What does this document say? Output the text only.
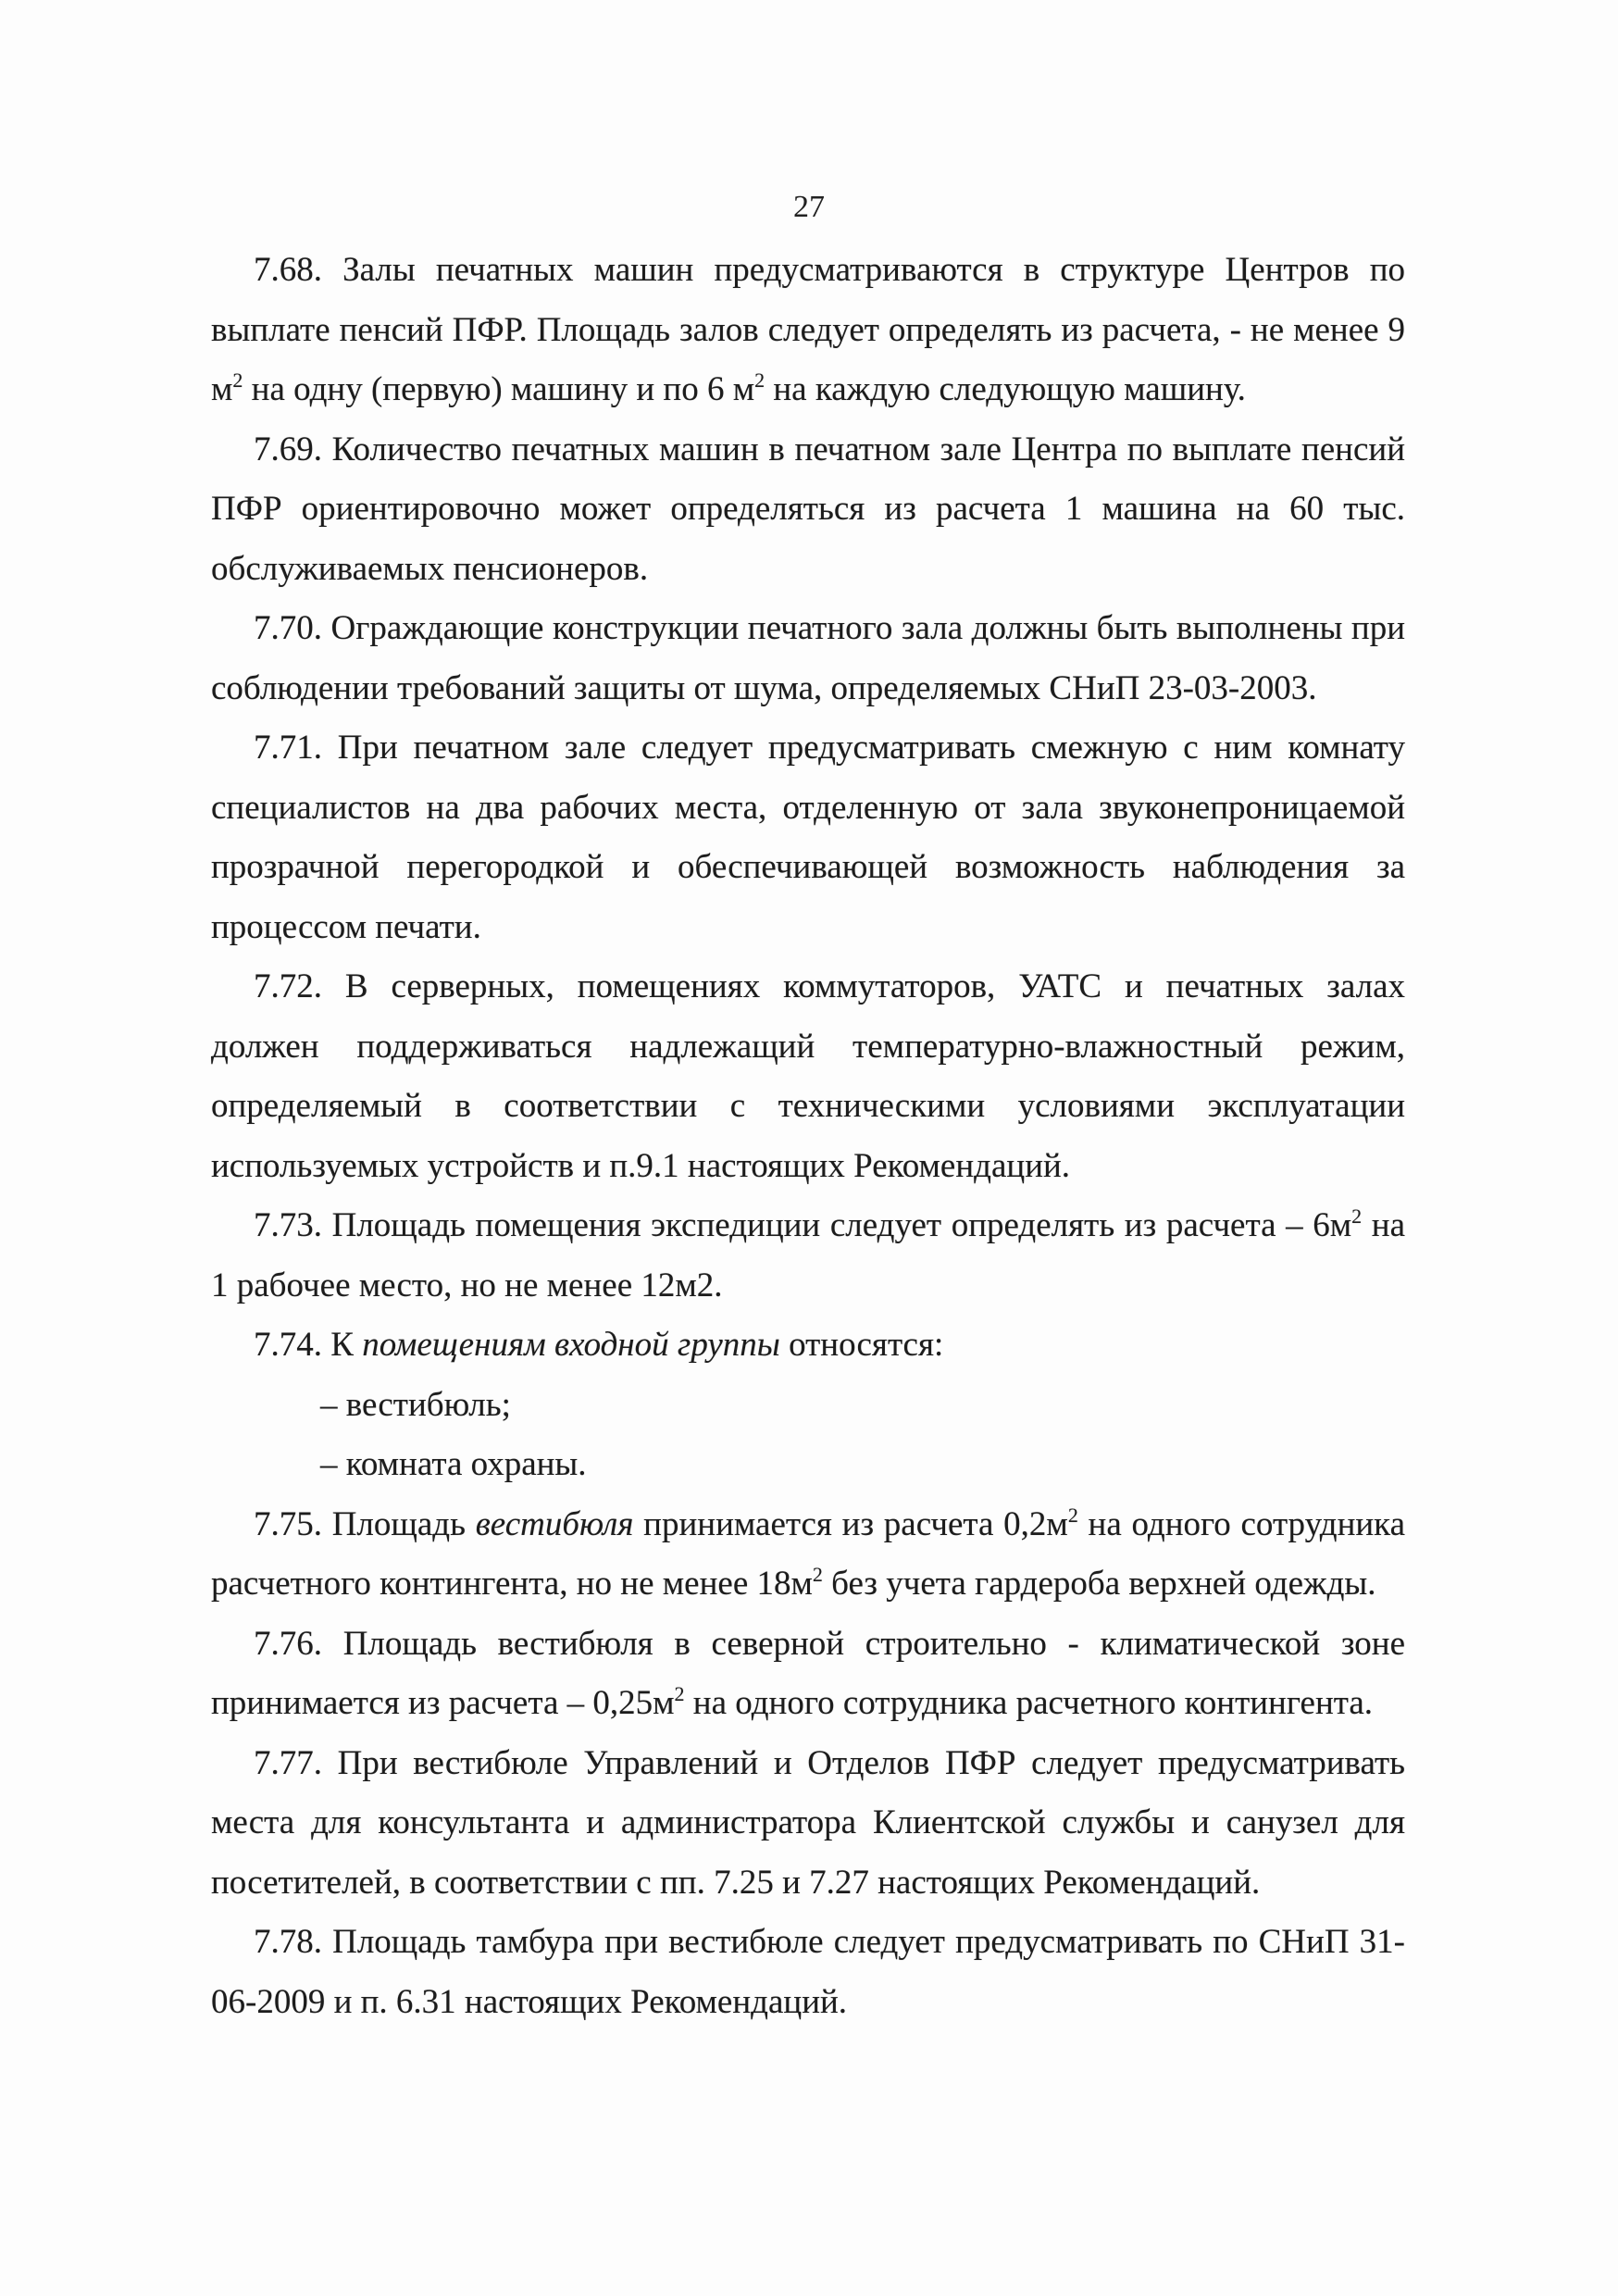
27

7.68. Залы печатных машин предусматриваются в структуре Центров по выплате пенсий ПФР. Площадь залов следует определять из расчета, - не менее 9 $м^2$ на одну (первую) машину и по 6 $м^2$ на каждую следующую машину.

7.69. Количество печатных машин в печатном зале Центра по выплате пенсий ПФР ориентировочно может определяться из расчета 1 машина на 60 тыс. обслуживаемых пенсионеров.

7.70. Ограждающие конструкции печатного зала должны быть выполнены при соблюдении требований защиты от шума, определяемых СНиП 23-03-2003.

7.71. При печатном зале следует предусматривать смежную с ним комнату специалистов на два рабочих места, отделенную от зала звуконепроницаемой прозрачной перегородкой и обеспечивающей возможность наблюдения за процессом печати.

7.72. В серверных, помещениях коммутаторов, УАТС и печатных залах должен поддерживаться надлежащий температурно-влажностный режим, определяемый в соответствии с техническими условиями эксплуатации используемых устройств и п.9.1 настоящих Рекомендаций.

7.73. Площадь помещения экспедиции следует определять из расчета – $6м^2$ на 1 рабочее место, но не менее 12м2.

7.74. К помещениям входной группы относятся:

– вестибюль;

– комната охраны.

7.75. Площадь вестибюля принимается из расчета $0,2м^2$ на одного сотрудника расчетного контингента, но не менее $18м^2$ без учета гардероба верхней одежды.

7.76. Площадь вестибюля в северной строительно - климатической зоне принимается из расчета – $0,25м^2$ на одного сотрудника расчетного контингента.

7.77. При вестибюле Управлений и Отделов ПФР следует предусматривать места для консультанта и администратора Клиентской службы и санузел для посетителей, в соответствии с пп. 7.25 и 7.27 настоящих Рекомендаций.

7.78. Площадь тамбура при вестибюле следует предусматривать по СНиП 31-06-2009 и п. 6.31 настоящих Рекомендаций.
